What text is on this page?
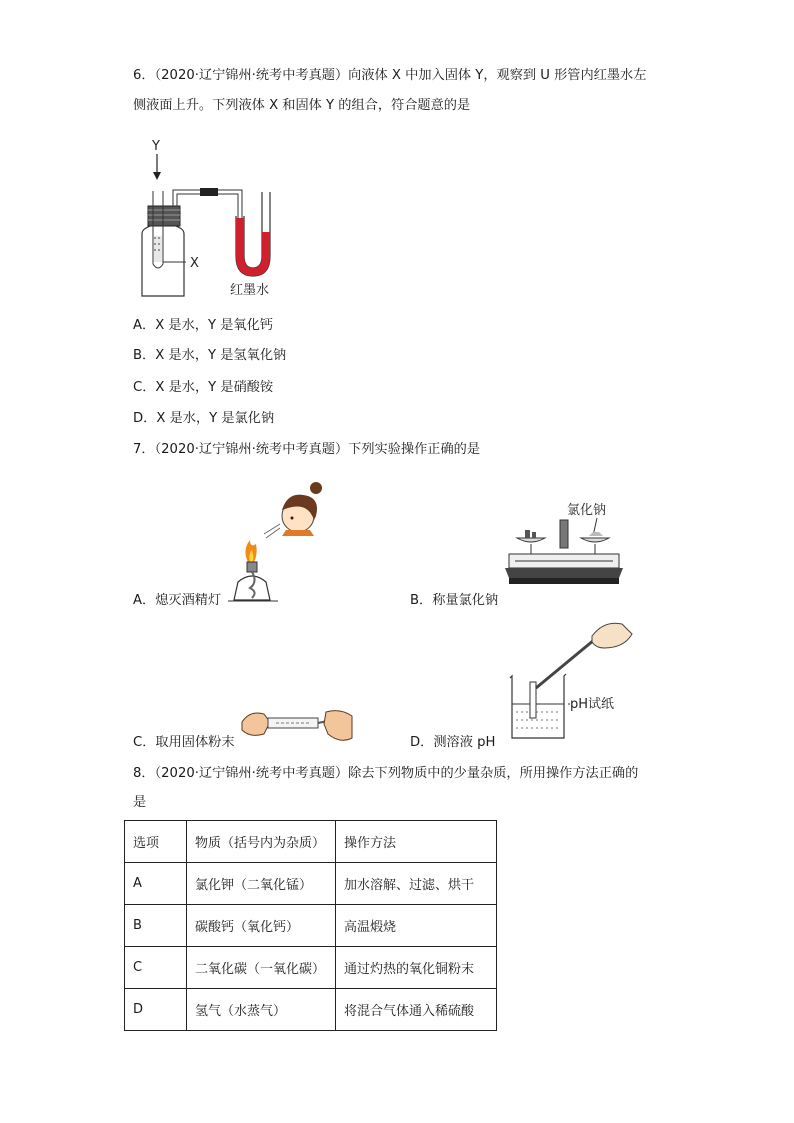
6．（2020·辽宁锦州·统考中考真题）向液体 X 中加入固体 Y，观察到 U 形管内红墨水左
侧液面上升。下列液体 X 和固体 Y 的组合，符合题意的是
X
Y
红墨水
A．X 是水，Y 是氧化钙
B．X 是水，Y 是氢氧化钠
C．X 是水，Y 是硝酸铵
D．X 是水，Y 是氯化钠
7．（2020·辽宁锦州·统考中考真题）下列实验操作正确的是
A．熄灭酒精灯
氯化钠
B．称量氯化钠
C．取用固体粉末
pH试纸
D．测溶液 pH
8．（2020·辽宁锦州·统考中考真题）除去下列物质中的少量杂质，所用操作方法正确的
是
选项	物质（括号内为杂质）	操作方法
A	氯化钾（二氧化锰）	加水溶解、过滤、烘干
B	碳酸钙（氧化钙）	高温煅烧
C	二氧化碳（一氧化碳）	通过灼热的氧化铜粉末
D	氢气（水蒸气）	将混合气体通入稀硫酸
